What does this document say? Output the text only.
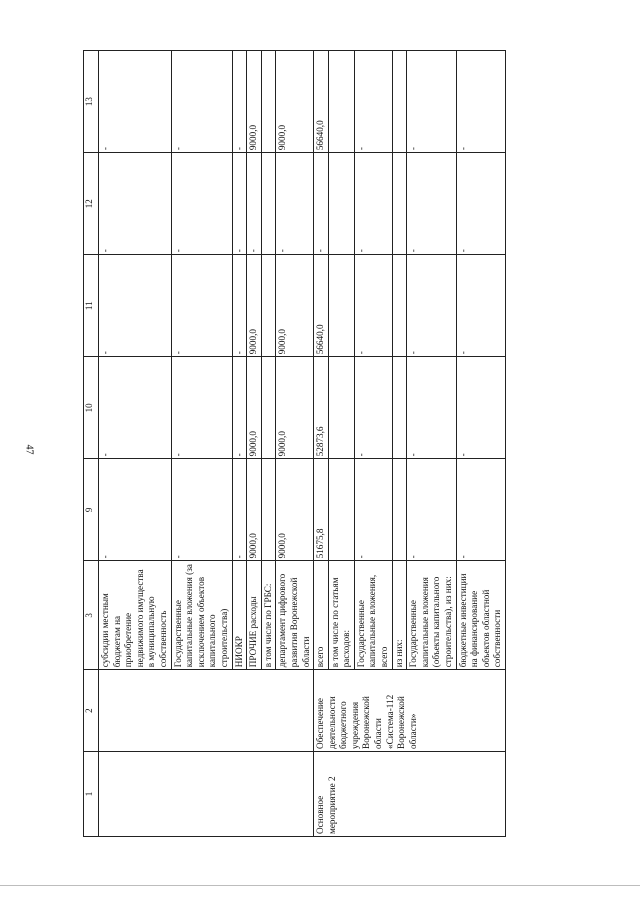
47
1	2	3	9	10	11	12	13
		субсидии местным бюджетам на приобретение недвижимого имущества в муниципальную собственность	-	-	-	-	-
		Государственные капитальные вложения (за исключением объектов капитального строительства)	-	-	-	-	-
		НИОКР	-	-	-	-	-
		ПРОЧИЕ расходы	9000,0	9000,0	9000,0	-	9000,0
		в том числе по ГРБС:					
		департамент цифрового развития Воронежской области	9000,0	9000,0	9000,0	-	9000,0
Основное мероприятие 2	Обеспечение деятельности бюджетного учреждения Воронежской области «Система-112 Воронежской области»	всего	51675,8	52873,6	56640,0	-	56640,0
		в том числе по статьям расходов:					
		Государственные капитальные вложения, всего	-	-	-	-	-
		из них:					
		Государственные капитальные вложения (объекты капитального строительства), из них:	-	-	-	-	-
		бюджетные инвестиции на финансирование объектов областной собственности	-	-	-	-	-
